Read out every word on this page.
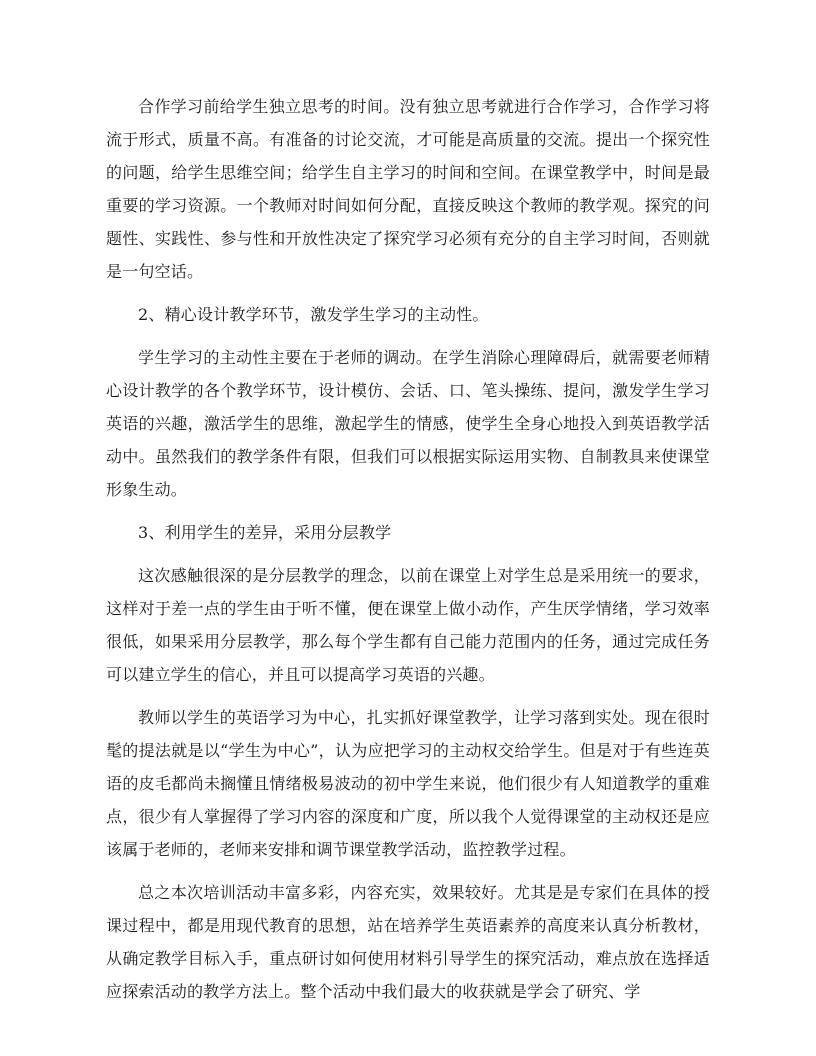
合作学习前给学生独立思考的时间。没有独立思考就进行合作学习，合作学习将流于形式，质量不高。有准备的讨论交流，才可能是高质量的交流。提出一个探究性的问题，给学生思维空间；给学生自主学习的时间和空间。在课堂教学中，时间是最重要的学习资源。一个教师对时间如何分配，直接反映这个教师的教学观。探究的问题性、实践性、参与性和开放性决定了探究学习必须有充分的自主学习时间，否则就是一句空话。

2、精心设计教学环节，激发学生学习的主动性。

学生学习的主动性主要在于老师的调动。在学生消除心理障碍后，就需要老师精心设计教学的各个教学环节，设计模仿、会话、口、笔头操练、提问，激发学生学习英语的兴趣，激活学生的思维，激起学生的情感，使学生全身心地投入到英语教学活动中。虽然我们的教学条件有限，但我们可以根据实际运用实物、自制教具来使课堂形象生动。

3、利用学生的差异，采用分层教学

这次感触很深的是分层教学的理念，以前在课堂上对学生总是采用统一的要求，这样对于差一点的学生由于听不懂，便在课堂上做小动作，产生厌学情绪，学习效率很低，如果采用分层教学，那么每个学生都有自己能力范围内的任务，通过完成任务可以建立学生的信心，并且可以提高学习英语的兴趣。

教师以学生的英语学习为中心，扎实抓好课堂教学，让学习落到实处。现在很时髦的提法就是以“学生为中心”，认为应把学习的主动权交给学生。但是对于有些连英语的皮毛都尚未搁懂且情绪极易波动的初中学生来说，他们很少有人知道教学的重难点，很少有人掌握得了学习内容的深度和广度，所以我个人觉得课堂的主动权还是应该属于老师的，老师来安排和调节课堂教学活动，监控教学过程。

总之本次培训活动丰富多彩，内容充实，效果较好。尤其是是专家们在具体的授课过程中，都是用现代教育的思想，站在培养学生英语素养的高度来认真分析教材，从确定教学目标入手，重点研讨如何使用材料引导学生的探究活动，难点放在选择适应探索活动的教学方法上。整个活动中我们最大的收获就是学会了研究、学
